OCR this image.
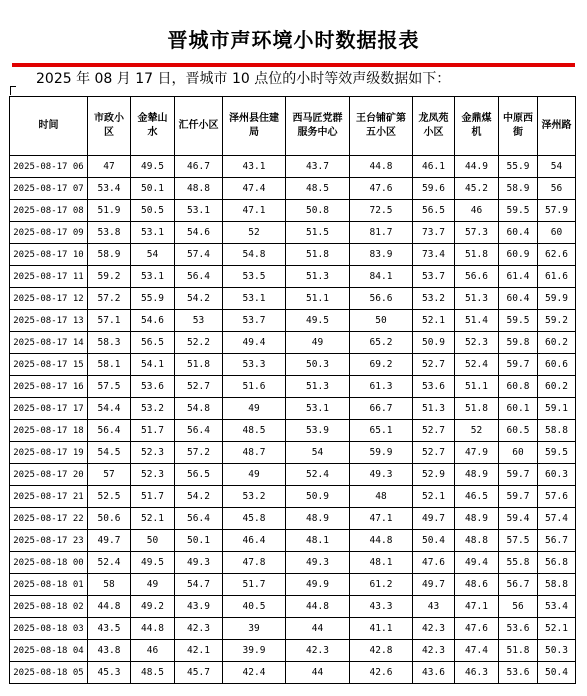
晋城市声环境小时数据报表
2025 年 08 月 17 日，晋城市 10 点位的小时等效声级数据如下：
时间	市政小区	金辇山水	汇仟小区	泽州县住建局	西马匠党群服务中心	王台铺矿第五小区	龙凤苑小区	金鼎煤机	中原西街	泽州路
2025-08-17 06	47	49.5	46.7	43.1	43.7	44.8	46.1	44.9	55.9	54
2025-08-17 07	53.4	50.1	48.8	47.4	48.5	47.6	59.6	45.2	58.9	56
2025-08-17 08	51.9	50.5	53.1	47.1	50.8	72.5	56.5	46	59.5	57.9
2025-08-17 09	53.8	53.1	54.6	52	51.5	81.7	73.7	57.3	60.4	60
2025-08-17 10	58.9	54	57.4	54.8	51.8	83.9	73.4	51.8	60.9	62.6
2025-08-17 11	59.2	53.1	56.4	53.5	51.3	84.1	53.7	56.6	61.4	61.6
2025-08-17 12	57.2	55.9	54.2	53.1	51.1	56.6	53.2	51.3	60.4	59.9
2025-08-17 13	57.1	54.6	53	53.7	49.5	50	52.1	51.4	59.5	59.2
2025-08-17 14	58.3	56.5	52.2	49.4	49	65.2	50.9	52.3	59.8	60.2
2025-08-17 15	58.1	54.1	51.8	53.3	50.3	69.2	52.7	52.4	59.7	60.6
2025-08-17 16	57.5	53.6	52.7	51.6	51.3	61.3	53.6	51.1	60.8	60.2
2025-08-17 17	54.4	53.2	54.8	49	53.1	66.7	51.3	51.8	60.1	59.1
2025-08-17 18	56.4	51.7	56.4	48.5	53.9	65.1	52.7	52	60.5	58.8
2025-08-17 19	54.5	52.3	57.2	48.7	54	59.9	52.7	47.9	60	59.5
2025-08-17 20	57	52.3	56.5	49	52.4	49.3	52.9	48.9	59.7	60.3
2025-08-17 21	52.5	51.7	54.2	53.2	50.9	48	52.1	46.5	59.7	57.6
2025-08-17 22	50.6	52.1	56.4	45.8	48.9	47.1	49.7	48.9	59.4	57.4
2025-08-17 23	49.7	50	50.1	46.4	48.1	44.8	50.4	48.8	57.5	56.7
2025-08-18 00	52.4	49.5	49.3	47.8	49.3	48.1	47.6	49.4	55.8	56.8
2025-08-18 01	58	49	54.7	51.7	49.9	61.2	49.7	48.6	56.7	58.8
2025-08-18 02	44.8	49.2	43.9	40.5	44.8	43.3	43	47.1	56	53.4
2025-08-18 03	43.5	44.8	42.3	39	44	41.1	42.3	47.6	53.6	52.1
2025-08-18 04	43.8	46	42.1	39.9	42.3	42.8	42.3	47.4	51.8	50.3
2025-08-18 05	45.3	48.5	45.7	42.4	44	42.6	43.6	46.3	53.6	50.4
